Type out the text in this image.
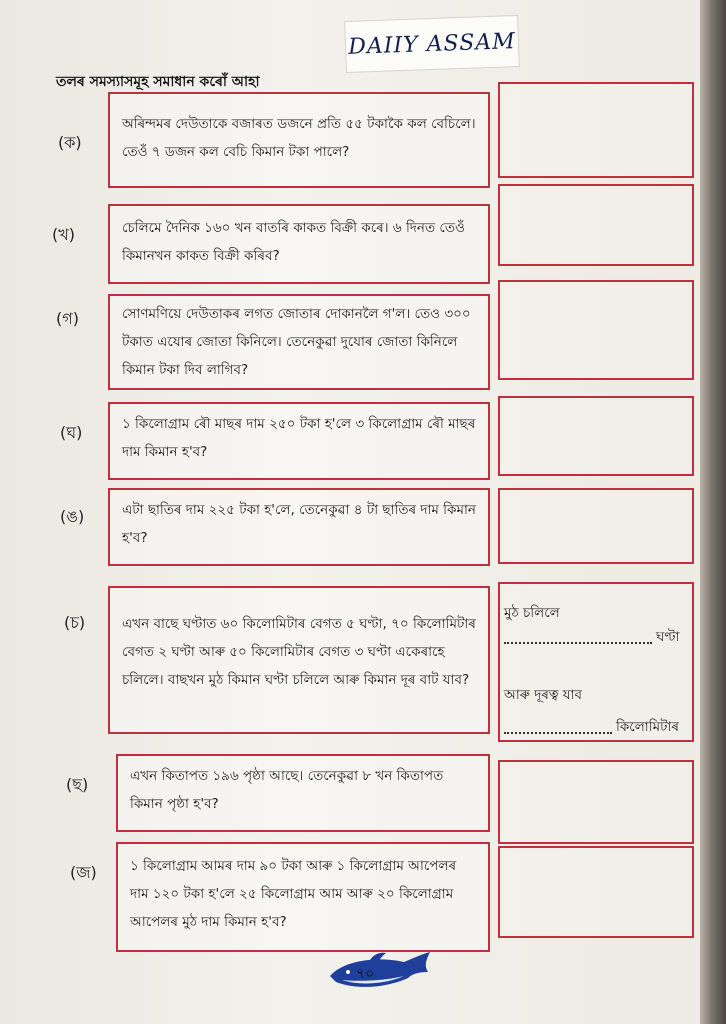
DAIIY ASSAM
তলৰ সমস্যাসমূহ সমাধান কৰোঁ আহা
(ক)
অৰিন্দমৰ দেউতাকে বজাৰত ডজনে প্ৰতি ৫৫ টকাকৈ কল বেচিলে। তেওঁ ৭ ডজন কল বেচি কিমান টকা পালে?
(খ)	চেলিমে দৈনিক ১৬০ খন বাতৰি কাকত বিক্ৰী কৰে। ৬ দিনত তেওঁ কিমানখন কাকত বিক্ৰী কৰিব?
(গ)	সোণমণিয়ে দেউতাকৰ লগত জোতাৰ দোকানলৈ গ'ল। তেও ৩০০ টকাত এযোৰ জোতা কিনিলে। তেনেকুৱা দুযোৰ জোতা কিনিলে কিমান টকা দিব লাগিব?
(ঘ)	১ কিলোগ্ৰাম ৰৌ মাছৰ দাম ২৫০ টকা হ'লে ৩ কিলোগ্ৰাম ৰৌ মাছৰ দাম কিমান হ'ব?
(ঙ)	এটা ছাতিৰ দাম ২২৫ টকা হ'লে, তেনেকুৱা ৪ টা ছাতিৰ দাম কিমান হ'ব?
(চ)	এখন বাছে ঘণ্টাত ৬০ কিলোমিটাৰ বেগত ৫ ঘণ্টা, ৭০ কিলোমিটাৰ বেগত ২ ঘণ্টা আৰু ৫০ কিলোমিটাৰ বেগত ৩ ঘণ্টা একেৰাহে চলিলে। বাছখন মুঠ কিমান ঘণ্টা চলিলে আৰু কিমান দূৰ বাট যাব?
মুঠ চলিলে
ঘণ্টা
আৰু দূৰত্ব যাব
কিলোমিটাৰ
(ছ)	এখন কিতাপত ১৯৬ পৃষ্ঠা আছে। তেনেকুৱা ৮ খন কিতাপত কিমান পৃষ্ঠা হ'ব?
(জ)	১ কিলোগ্ৰাম আমৰ দাম ৯০ টকা আৰু ১ কিলোগ্ৰাম আপেলৰ দাম ১২০ টকা হ'লে ২৫ কিলোগ্ৰাম আম আৰু ২০ কিলোগ্ৰাম আপেলৰ মুঠ দাম কিমান হ'ব?
৭০
